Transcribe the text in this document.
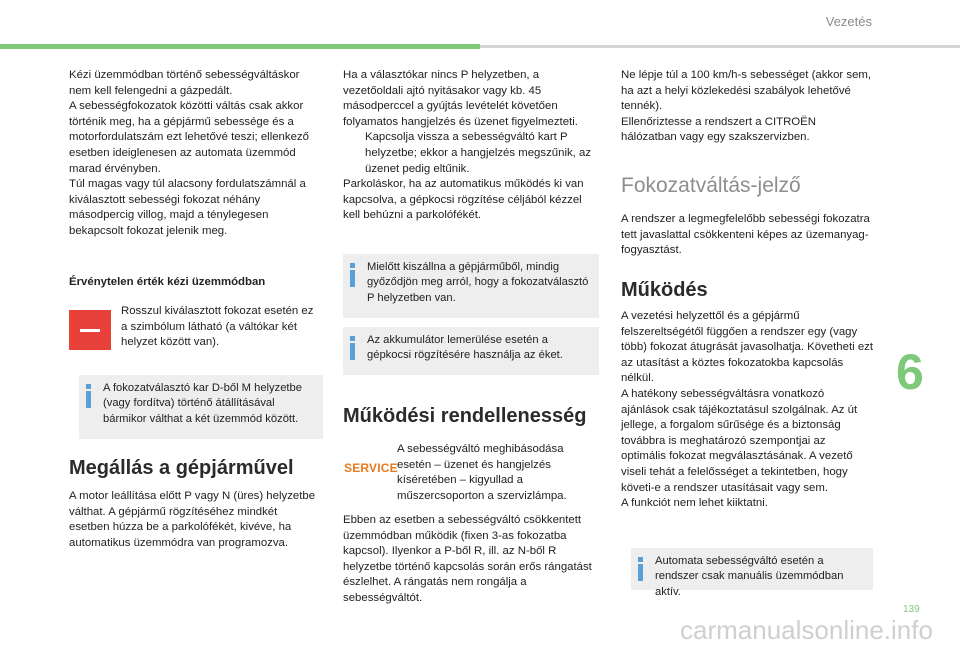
Vezetés

Kézi üzemmódban történő sebességváltáskor nem kell felengedni a gázpedált.

A sebességfokozatok közötti váltás csak akkor történik meg, ha a gépjármű sebessége és a motorfordulatszám ezt lehetővé teszi; ellenkező esetben ideiglenesen az automata üzemmód marad érvényben.

Túl magas vagy túl alacsony fordulatszámnál a kiválasztott sebességi fokozat néhány másodpercig villog, majd a ténylegesen bekapcsolt fokozat jelenik meg.

Érvénytelen érték kézi üzemmódban
Rosszul kiválasztott fokozat esetén ez a szimbólum látható (a váltókar két helyzet között van).
A fokozatválasztó kar D-ből M helyzetbe (vagy fordítva) történő átállításával bármikor válthat a két üzemmód között.
Megállás a gépjárművel
A motor leállítása előtt P vagy N (üres) helyzetbe válthat. A gépjármű rögzítéséhez mindkét esetben húzza be a parkolófékét, kivéve, ha automatikus üzemmódra van programozva.

Ha a választókar nincs P helyzetben, a vezetőoldali ajtó nyitásakor vagy kb. 45 másodperccel a gyújtás levételét követően folyamatos hangjelzés és üzenet figyelmezteti.

Kapcsolja vissza a sebességváltó kart P helyzetbe; ekkor a hangjelzés megszűnik, az üzenet pedig eltűnik.

Parkoláskor, ha az automatikus működés ki van kapcsolva, a gépkocsi rögzítése céljából kézzel kell behúzni a parkolófékét.

Mielőtt kiszállna a gépjárműből, mindig győződjön meg arról, hogy a fokozatválasztó P helyzetben van.
Az akkumulátor lemerülése esetén a gépkocsi rögzítésére használja az éket.
Működési rendellenesség
SERVICE
A sebességváltó meghibásodása esetén – üzenet és hangjelzés kíséretében – kigyullad a műszercsoporton a szervizlámpa.
Ebben az esetben a sebességváltó csökkentett üzemmódban működik (fixen 3-as fokozatba kapcsol). Ilyenkor a P-ből R, ill. az N-ből R helyzetbe történő kapcsolás során erős rángatást észlelhet. A rángatás nem rongálja a sebességváltót.

Ne lépje túl a 100 km/h-s sebességet (akkor sem, ha azt a helyi közlekedési szabályok lehetővé tennék).

Ellenőriztesse a rendszert a CITROËN hálózatban vagy egy szakszervizben.

Fokozatváltás-jelző
A rendszer a legmegfelelőbb sebességi fokozatra tett javaslattal csökkenteni képes az üzemanyag-fogyasztást.
Működés

A vezetési helyzettől és a gépjármű felszereltségétől függően a rendszer egy (vagy több) fokozat átugrását javasolhatja. Követheti ezt az utasítást a köztes fokozatokba kapcsolás nélkül.

A hatékony sebességváltásra vonatkozó ajánlások csak tájékoztatásul szolgálnak. Az út jellege, a forgalom sűrűsége és a biztonság továbbra is meghatározó szempontjai az optimális fokozat megválasztásának. A vezető viseli tehát a felelősséget a tekintetben, hogy követi-e a rendszer utasításait vagy sem.

A funkciót nem lehet kiiktatni.

Automata sebességváltó esetén a rendszer csak manuális üzemmódban aktív.
6
139
carmanualsonline.info
